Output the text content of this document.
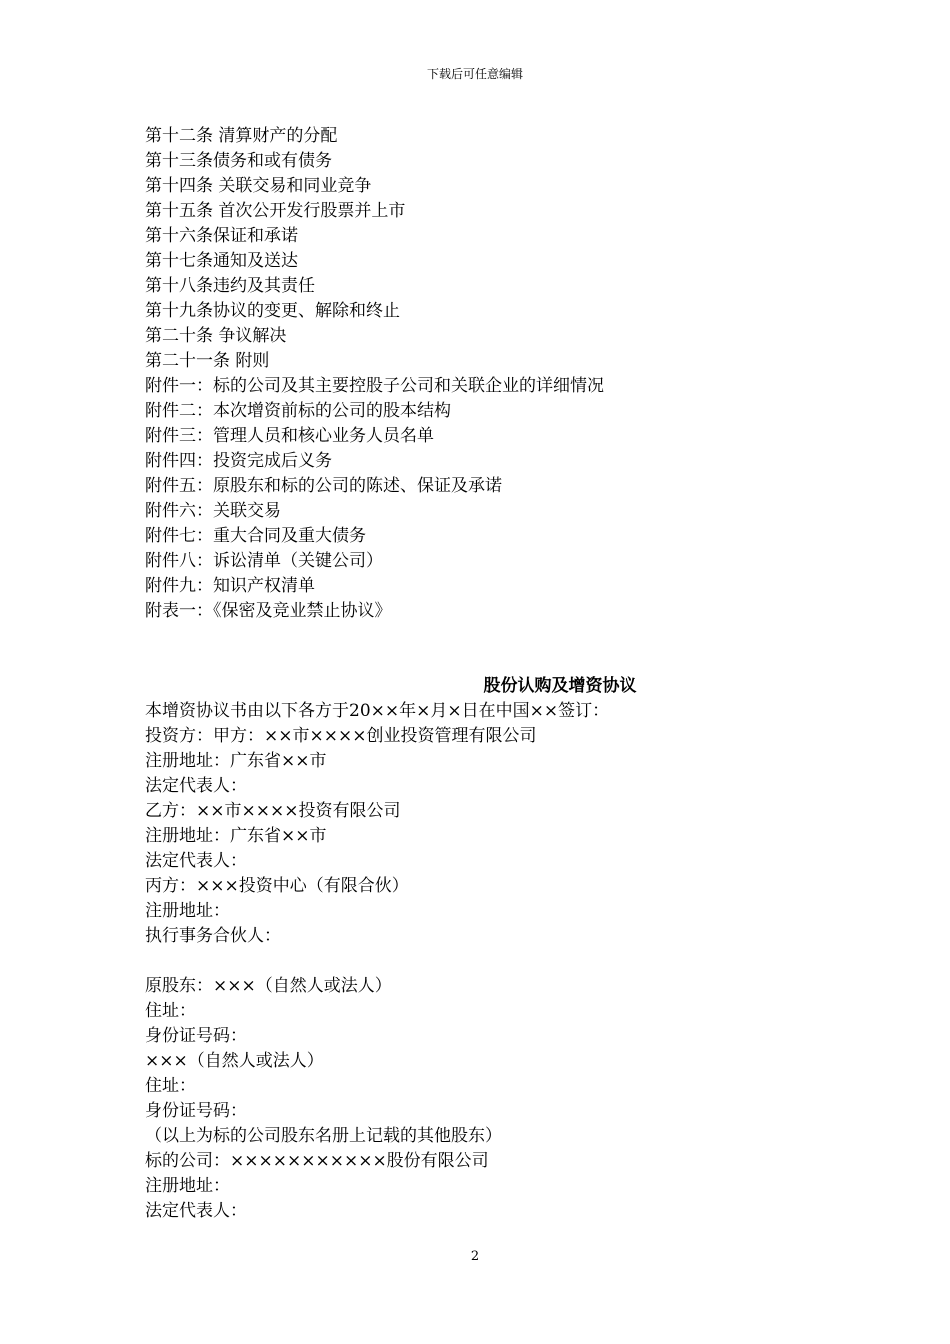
下载后可任意编辑
第十二条 清算财产的分配
第十三条债务和或有债务
第十四条 关联交易和同业竞争
第十五条 首次公开发行股票并上市
第十六条保证和承诺
第十七条通知及送达
第十八条违约及其责任
第十九条协议的变更、解除和终止
第二十条 争议解决
第二十一条 附则
附件一：标的公司及其主要控股子公司和关联企业的详细情况
附件二：本次增资前标的公司的股本结构
附件三：管理人员和核心业务人员名单
附件四：投资完成后义务
附件五：原股东和标的公司的陈述、保证及承诺
附件六：关联交易
附件七：重大合同及重大债务
附件八：诉讼清单（关键公司）
附件九：知识产权清单
附表一：《保密及竞业禁止协议》
股份认购及增资协议
本增资协议书由以下各方于20××年×月×日在中国××签订：
投资方：甲方：××市××××创业投资管理有限公司
注册地址：广东省××市
法定代表人：
乙方：××市××××投资有限公司
注册地址：广东省××市
法定代表人：
丙方：×××投资中心（有限合伙）
注册地址：
执行事务合伙人：
原股东：×××（自然人或法人）
住址：
身份证号码：
×××（自然人或法人）
住址：
身份证号码：
（以上为标的公司股东名册上记载的其他股东）
标的公司：×××××××××××股份有限公司
注册地址：
法定代表人：
2
